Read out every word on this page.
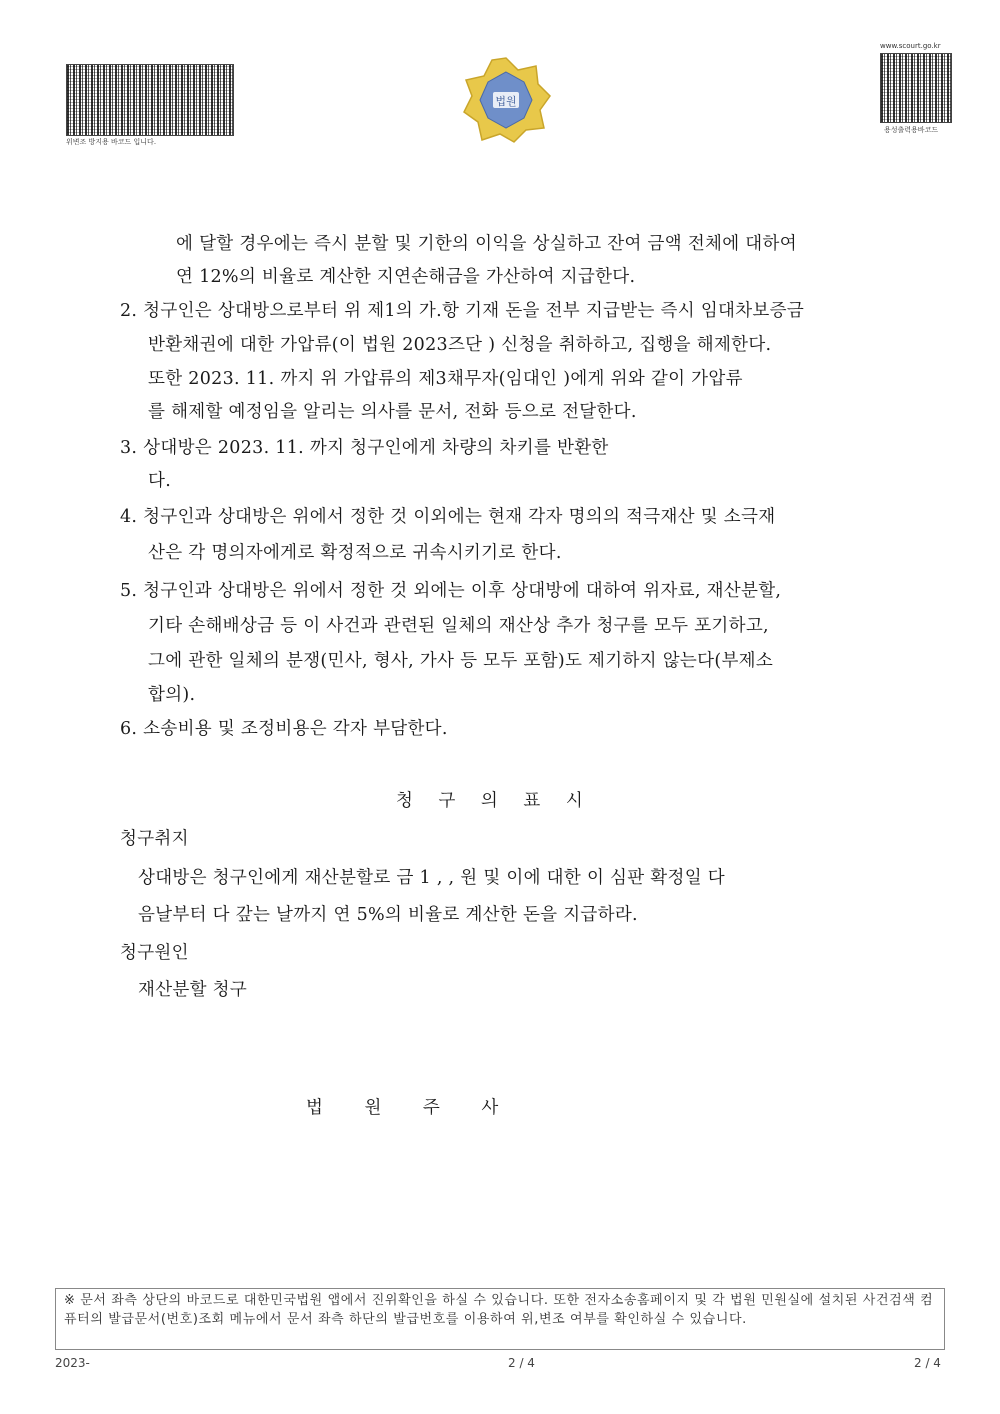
위변조 방지용 바코드 입니다.
www.scourt.go.kr
용성출력용바코드
법원
에 달할 경우에는 즉시 분할 및 기한의 이익을 상실하고 잔여 금액 전체에 대하여
연 12%의 비율로 계산한 지연손해금을 가산하여 지급한다.
2. 청구인은 상대방으로부터 위 제1의 가.항 기재 돈을 전부 지급받는 즉시 임대차보증금
반환채권에 대한 가압류(이 법원 2023즈단 ) 신청을 취하하고, 집행을 해제한다.
또한 2023. 11. 까지 위 가압류의 제3채무자(임대인 )에게 위와 같이 가압류
를 해제할 예정임을 알리는 의사를 문서, 전화 등으로 전달한다.
3. 상대방은 2023. 11. 까지 청구인에게 차량의 차키를 반환한
다.
4. 청구인과 상대방은 위에서 정한 것 이외에는 현재 각자 명의의 적극재산 및 소극재
산은 각 명의자에게로 확정적으로 귀속시키기로 한다.
5. 청구인과 상대방은 위에서 정한 것 외에는 이후 상대방에 대하여 위자료, 재산분할,
기타 손해배상금 등 이 사건과 관련된 일체의 재산상 추가 청구를 모두 포기하고,
그에 관한 일체의 분쟁(민사, 형사, 가사 등 모두 포함)도 제기하지 않는다(부제소
합의).
6. 소송비용 및 조정비용은 각자 부담한다.
청 구 의 표 시
청구취지
상대방은 청구인에게 재산분할로 금 1 , , 원 및 이에 대한 이 심판 확정일 다
음날부터 다 갚는 날까지 연 5%의 비율로 계산한 돈을 지급하라.
청구원인
재산분할 청구
법 원 주 사
※ 문서 좌측 상단의 바코드로 대한민국법원 앱에서 진위확인을 하실 수 있습니다. 또한 전자소송홈페이지 및 각 법원 민원실에 설치된 사건검색 컴퓨터의 발급문서(번호)조회 메뉴에서 문서 좌측 하단의 발급번호를 이용하여 위,변조 여부를 확인하실 수 있습니다.
2023-	2 / 4	2 / 4
